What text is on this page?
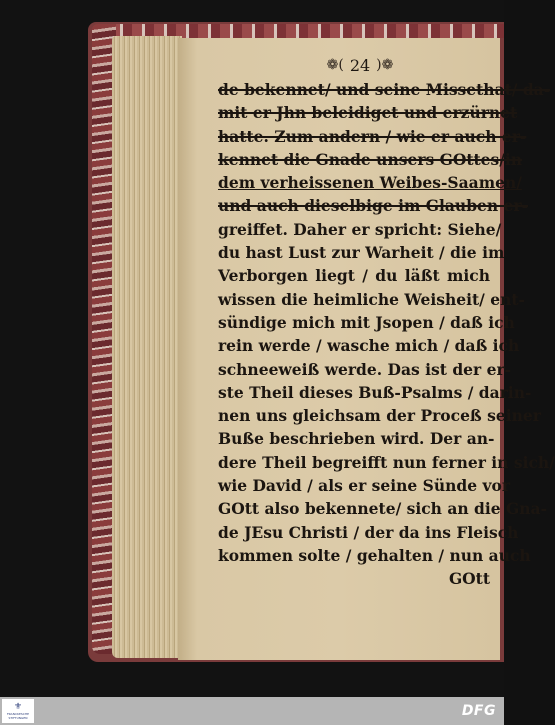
❁( 24 )❁
de bekennet/ und seine Missethat/ da-
mit er Jhn beleidiget und erzürnet
hatte. Zum andern / wie er auch er-
kennet die Gnade unsers GOttes/in
dem verheissenen Weibes-Saamen/
und auch dieselbige im Glauben er-
greiffet. Daher er spricht: Siehe/
du hast Lust zur Warheit / die im
Verborgen liegt / du läßt mich
wissen die heimliche Weisheit/ ent-
sündige mich mit Jsopen / daß ich
rein werde / wasche mich / daß ich
schneeweiß werde. Das ist der er-
ste Theil dieses Buß-Psalms / darin-
nen uns gleichsam der Proceß seiner
Buße beschrieben wird. Der an-
dere Theil begreifft nun ferner in sich/
wie David / als er seine Sünde vor
GOtt also bekennete/ sich an die Gna-
de JEsu Christi / der da ins Fleisch
kommen solte / gehalten / nun auch
GOtt
⚜
FRANCKESCHE STIFTUNGEN	DFG
